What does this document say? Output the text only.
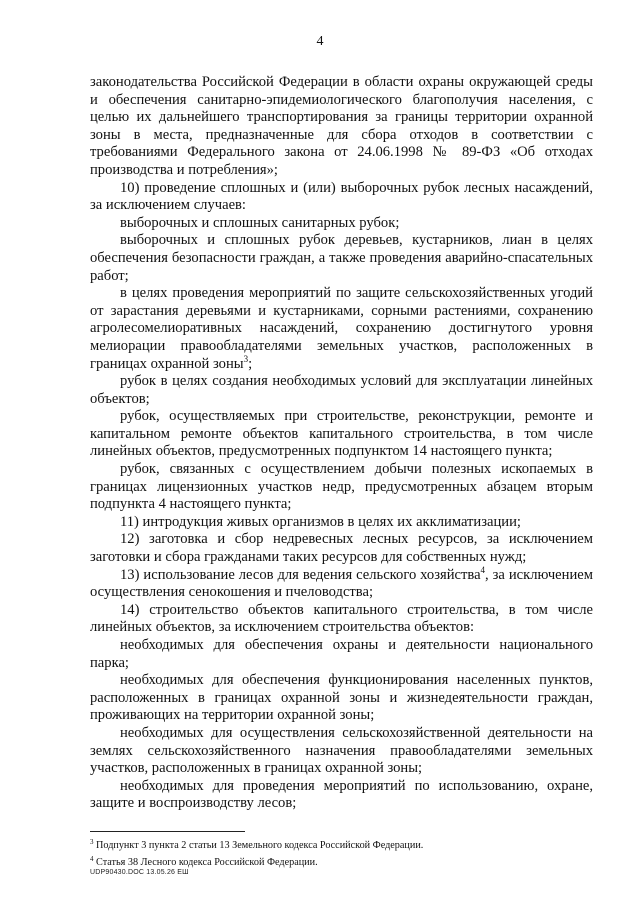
4

законодательства Российской Федерации в области охраны окружающей среды и обеспечения санитарно-эпидемиологического благополучия населения, с целью их дальнейшего транспортирования за границы территории охранной зоны в места, предназначенные для сбора отходов в соответствии с требованиями Федерального закона от 24.06.1998 № 89-ФЗ «Об отходах производства и потребления»;

10) проведение сплошных и (или) выборочных рубок лесных насаждений, за исключением случаев:

выборочных и сплошных санитарных рубок;

выборочных и сплошных рубок деревьев, кустарников, лиан в целях обеспечения безопасности граждан, а также проведения аварийно-спасательных работ;

в целях проведения мероприятий по защите сельскохозяйственных угодий от зарастания деревьями и кустарниками, сорными растениями, сохранению агролесомелиоративных насаждений, сохранению достигнутого уровня мелиорации правообладателями земельных участков, расположенных в границах охранной зоны$^3$;

рубок в целях создания необходимых условий для эксплуатации линейных объектов;

рубок, осуществляемых при строительстве, реконструкции, ремонте и капитальном ремонте объектов капитального строительства, в том числе линейных объектов, предусмотренных подпунктом 14 настоящего пункта;

рубок, связанных с осуществлением добычи полезных ископаемых в границах лицензионных участков недр, предусмотренных абзацем вторым подпункта 4 настоящего пункта;

11) интродукция живых организмов в целях их акклиматизации;

12) заготовка и сбор недревесных лесных ресурсов, за исключением заготовки и сбора гражданами таких ресурсов для собственных нужд;

13) использование лесов для ведения сельского хозяйства$^4$, за исключением осуществления сенокошения и пчеловодства;

14) строительство объектов капитального строительства, в том числе линейных объектов, за исключением строительства объектов:

необходимых для обеспечения охраны и деятельности национального парка;

необходимых для обеспечения функционирования населенных пунктов, расположенных в границах охранной зоны и жизнедеятельности граждан, проживающих на территории охранной зоны;

необходимых для осуществления сельскохозяйственной деятельности на землях сельскохозяйственного назначения правообладателями земельных участков, расположенных в границах охранной зоны;

необходимых для проведения мероприятий по использованию, охране, защите и воспроизводству лесов;

$^3$ Подпункт 3 пункта 2 статьи 13 Земельного кодекса Российской Федерации.

$^4$ Статья 38 Лесного кодекса Российской Федерации.

UDP90430.DOC 13.05.26 ЕШ
